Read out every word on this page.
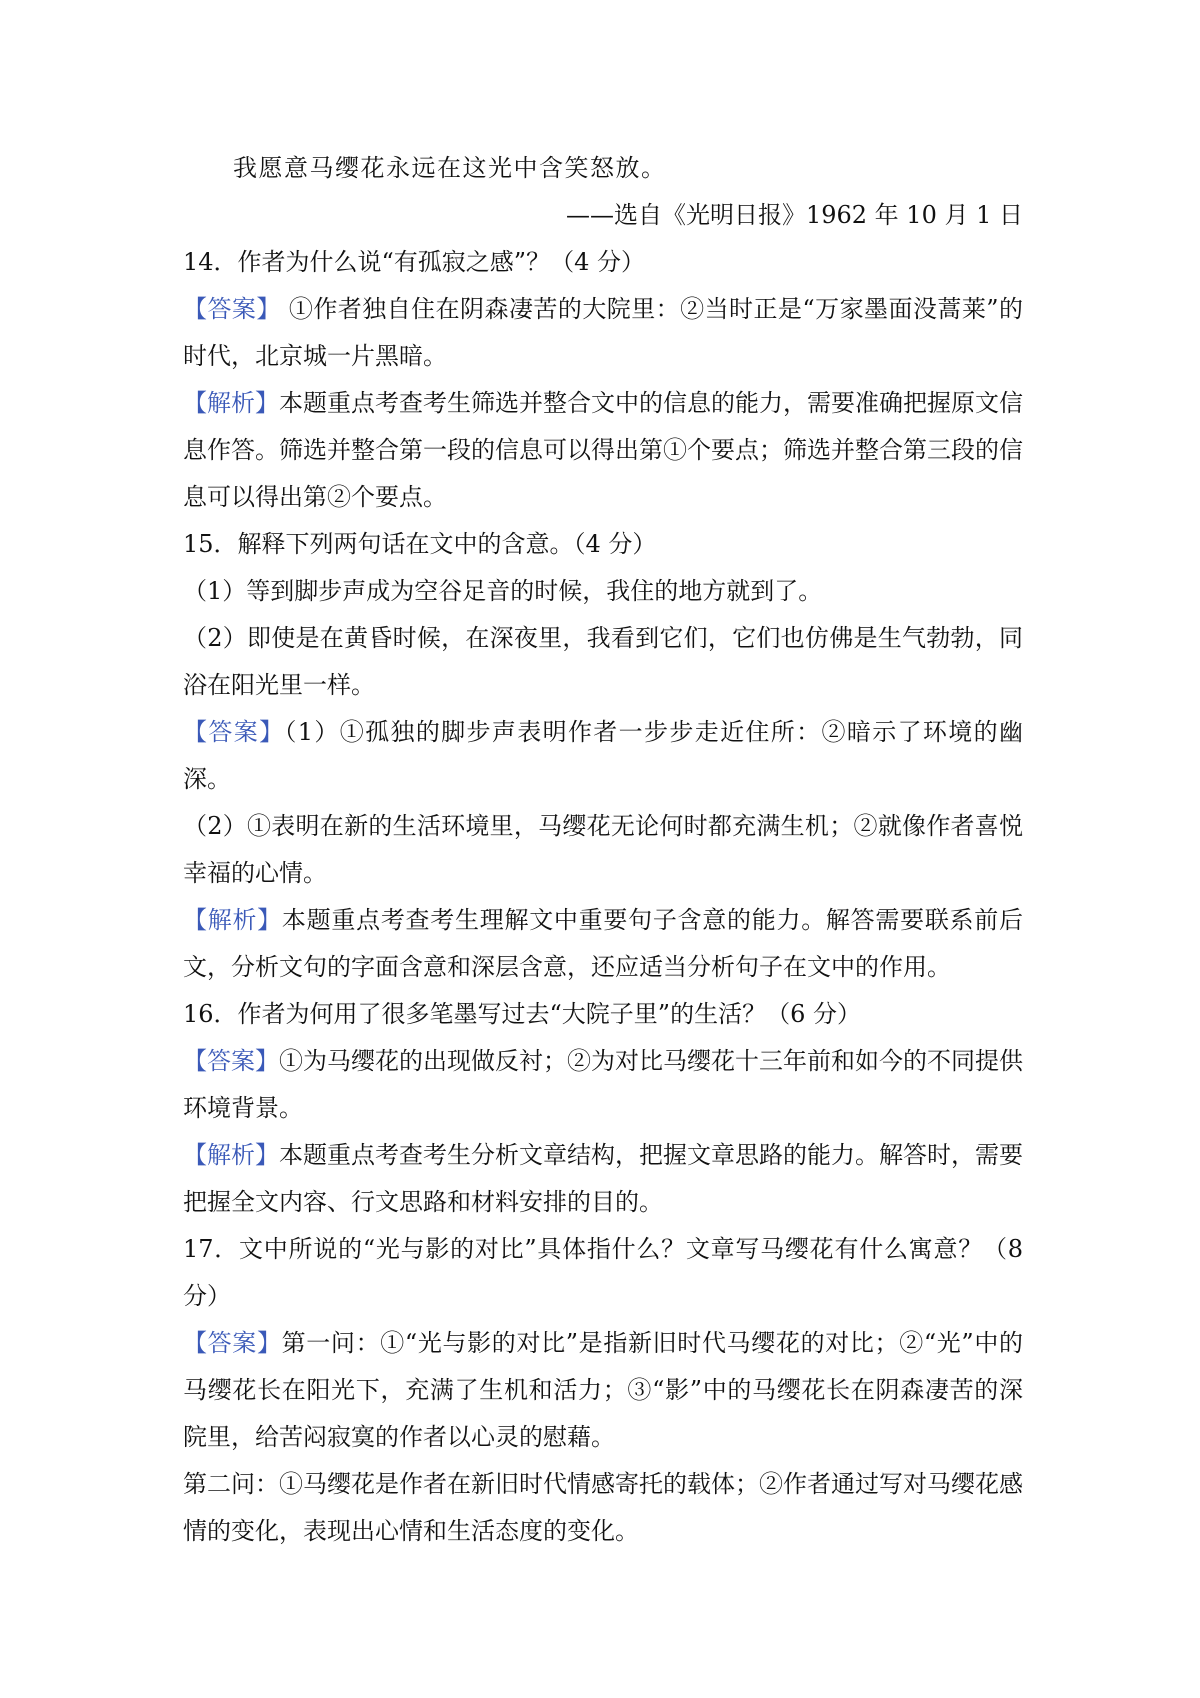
我愿意马缨花永远在这光中含笑怒放。

——选自《光明日报》1962 年 10 月 1 日

14．作者为什么说“有孤寂之感”？（4 分）

【答案】 ①作者独自住在阴森凄苦的大院里：②当时正是“万家墨面没蒿莱”的时代，北京城一片黑暗。

【解析】本题重点考查考生筛选并整合文中的信息的能力，需要准确把握原文信息作答。筛选并整合第一段的信息可以得出第①个要点；筛选并整合第三段的信息可以得出第②个要点。

15．解释下列两句话在文中的含意。（4 分）

（1）等到脚步声成为空谷足音的时候，我住的地方就到了。

（2）即使是在黄昏时候，在深夜里，我看到它们，它们也仿佛是生气勃勃，同浴在阳光里一样。

【答案】（1）①孤独的脚步声表明作者一步步走近住所：②暗示了环境的幽深。

（2）①表明在新的生活环境里，马缨花无论何时都充满生机；②就像作者喜悦幸福的心情。

【解析】本题重点考查考生理解文中重要句子含意的能力。解答需要联系前后文，分析文句的字面含意和深层含意，还应适当分析句子在文中的作用。

16．作者为何用了很多笔墨写过去“大院子里”的生活？（6 分）

【答案】①为马缨花的出现做反衬；②为对比马缨花十三年前和如今的不同提供环境背景。

【解析】本题重点考查考生分析文章结构，把握文章思路的能力。解答时，需要把握全文内容、行文思路和材料安排的目的。

17．文中所说的“光与影的对比”具体指什么？文章写马缨花有什么寓意？（8 分）

【答案】第一问：①“光与影的对比”是指新旧时代马缨花的对比；②“光”中的马缨花长在阳光下，充满了生机和活力；③“影”中的马缨花长在阴森凄苦的深院里，给苦闷寂寞的作者以心灵的慰藉。

第二问：①马缨花是作者在新旧时代情感寄托的载体；②作者通过写对马缨花感情的变化，表现出心情和生活态度的变化。
